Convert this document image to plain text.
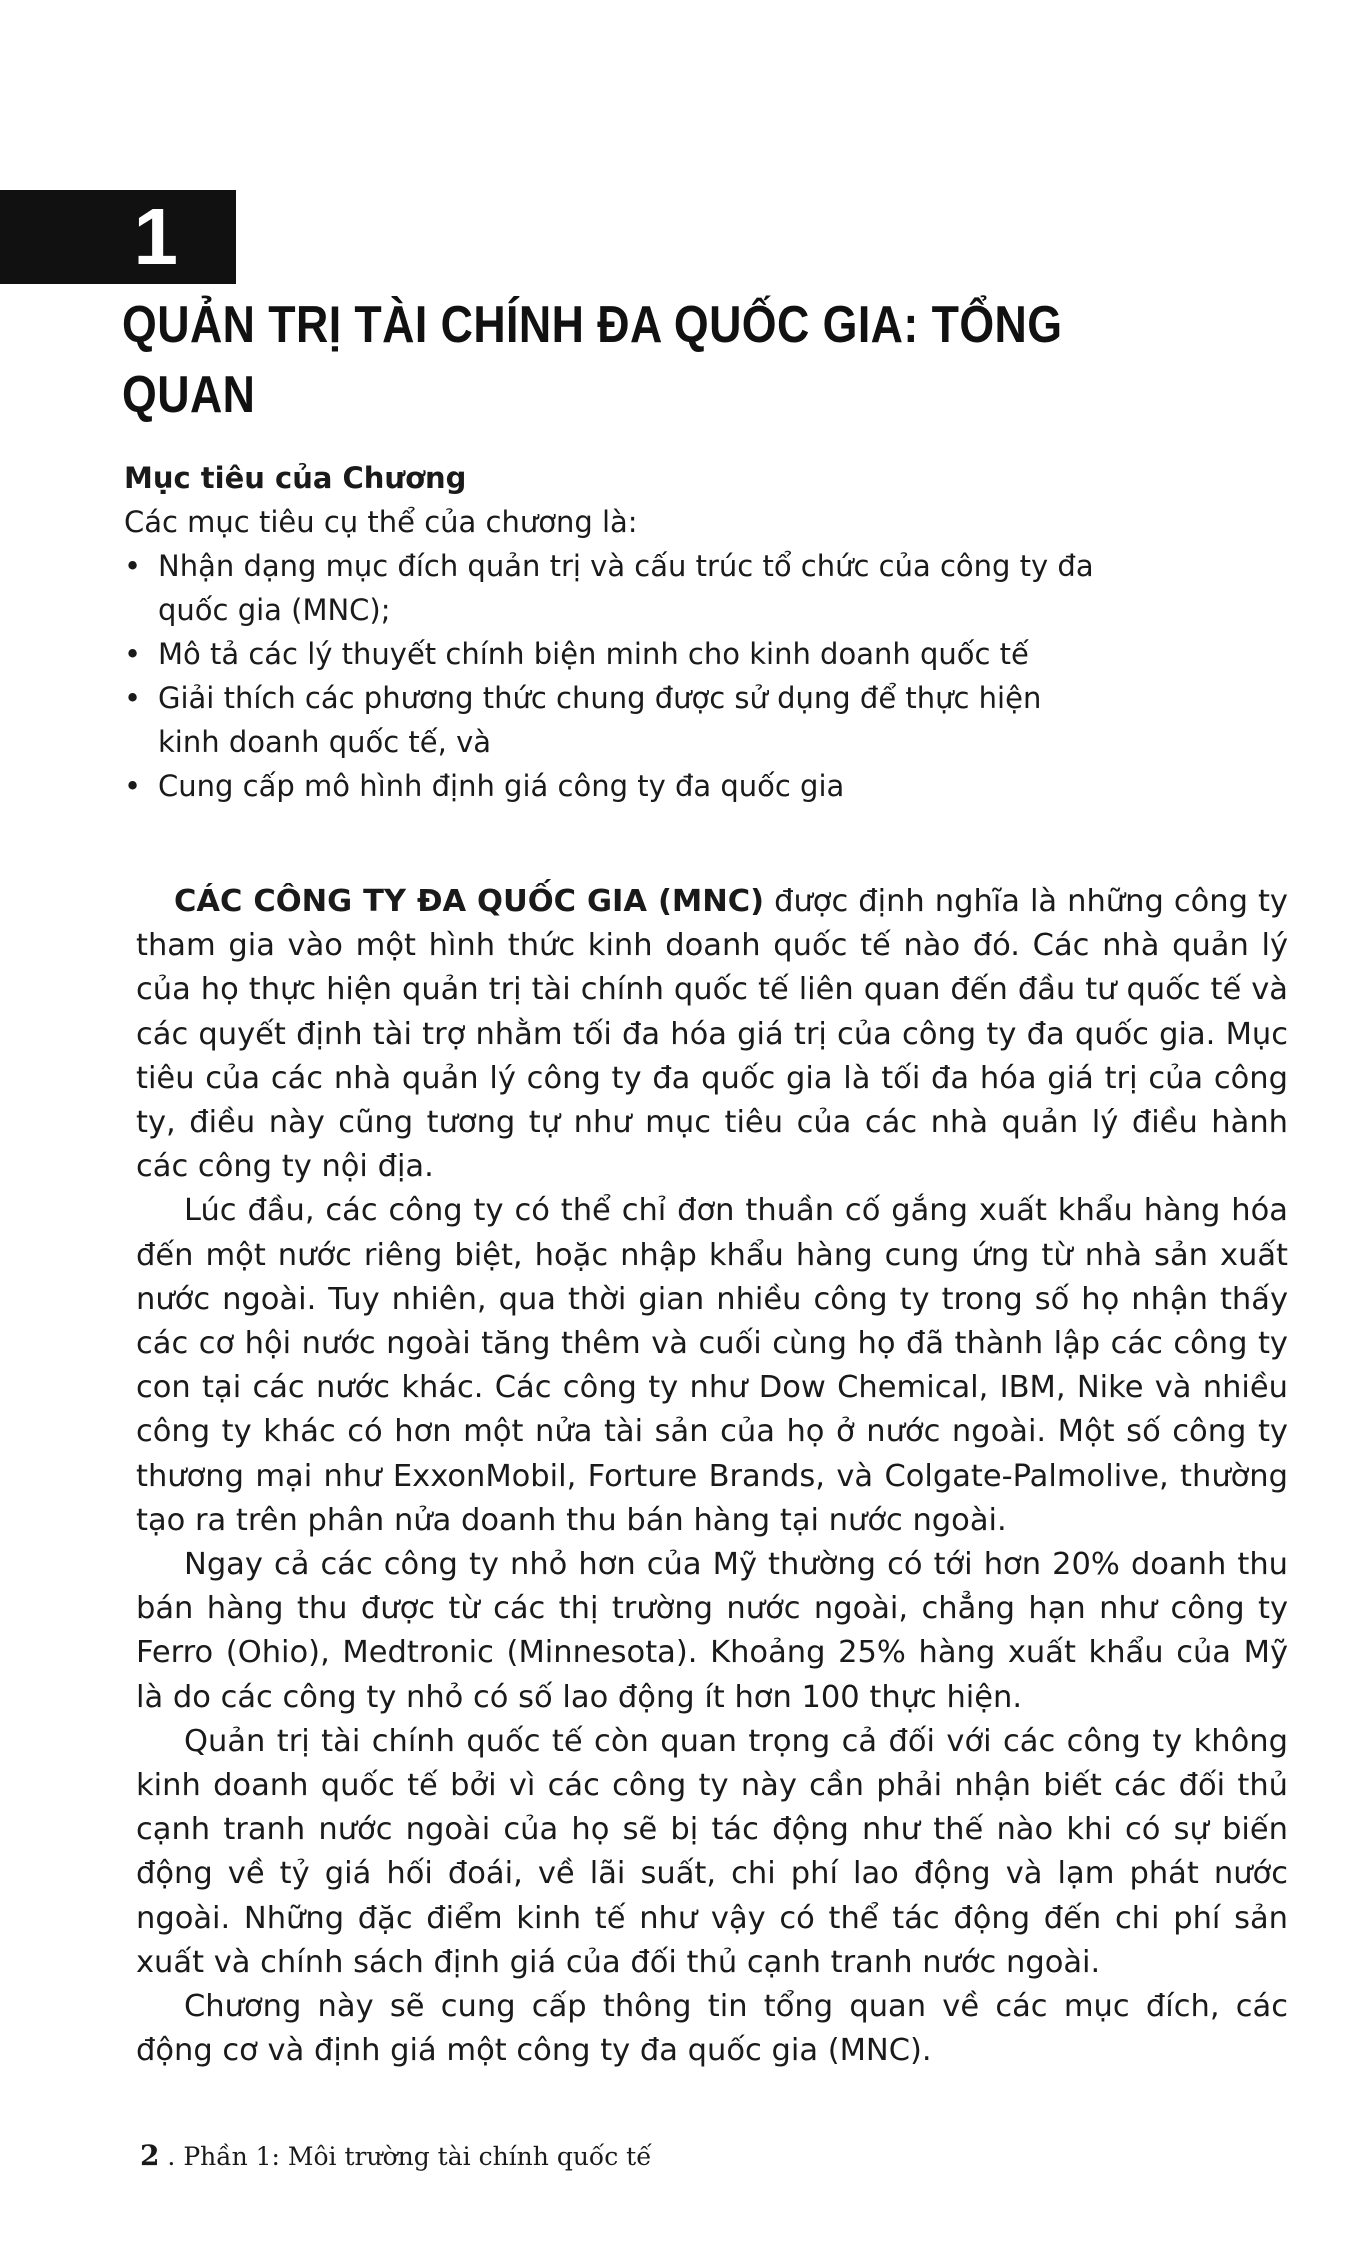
1
QUẢN TRỊ TÀI CHÍNH ĐA QUỐC GIA: TỔNG QUAN

Mục tiêu của Chương

Các mục tiêu cụ thể của chương là:

•
Nhận dạng mục đích quản trị và cấu trúc tổ chức của công ty đa quốc gia (MNC);
•
Mô tả các lý thuyết chính biện minh cho kinh doanh quốc tế
•
Giải thích các phương thức chung được sử dụng để thực hiện kinh doanh quốc tế, và
•
Cung cấp mô hình định giá công ty đa quốc gia

CÁC CÔNG TY ĐA QUỐC GIA (MNC) được định nghĩa là những công ty tham gia vào một hình thức kinh doanh quốc tế nào đó. Các nhà quản lý của họ thực hiện quản trị tài chính quốc tế liên quan đến đầu tư quốc tế và các quyết định tài trợ nhằm tối đa hóa giá trị của công ty đa quốc gia. Mục tiêu của các nhà quản lý công ty đa quốc gia là tối đa hóa giá trị của công ty, điều này cũng tương tự như mục tiêu của các nhà quản lý điều hành các công ty nội địa.

Lúc đầu, các công ty có thể chỉ đơn thuần cố gắng xuất khẩu hàng hóa đến một nước riêng biệt, hoặc nhập khẩu hàng cung ứng từ nhà sản xuất nước ngoài. Tuy nhiên, qua thời gian nhiều công ty trong số họ nhận thấy các cơ hội nước ngoài tăng thêm và cuối cùng họ đã thành lập các công ty con tại các nước khác. Các công ty như Dow Chemical, IBM, Nike và nhiều công ty khác có hơn một nửa tài sản của họ ở nước ngoài. Một số công ty thương mại như ExxonMobil, Forture Brands, và Colgate-Palmolive, thường tạo ra trên phân nửa doanh thu bán hàng tại nước ngoài.

Ngay cả các công ty nhỏ hơn của Mỹ thường có tới hơn 20% doanh thu bán hàng thu được từ các thị trường nước ngoài, chẳng hạn như công ty Ferro (Ohio), Medtronic (Minnesota). Khoảng 25% hàng xuất khẩu của Mỹ là do các công ty nhỏ có số lao động ít hơn 100 thực hiện.

Quản trị tài chính quốc tế còn quan trọng cả đối với các công ty không kinh doanh quốc tế bởi vì các công ty này cần phải nhận biết các đối thủ cạnh tranh nước ngoài của họ sẽ bị tác động như thế nào khi có sự biến động về tỷ giá hối đoái, về lãi suất, chi phí lao động và lạm phát nước ngoài. Những đặc điểm kinh tế như vậy có thể tác động đến chi phí sản xuất và chính sách định giá của đối thủ cạnh tranh nước ngoài.

Chương này sẽ cung cấp thông tin tổng quan về các mục đích, các động cơ và định giá một công ty đa quốc gia (MNC).

2 . Phần 1: Môi trường tài chính quốc tế
